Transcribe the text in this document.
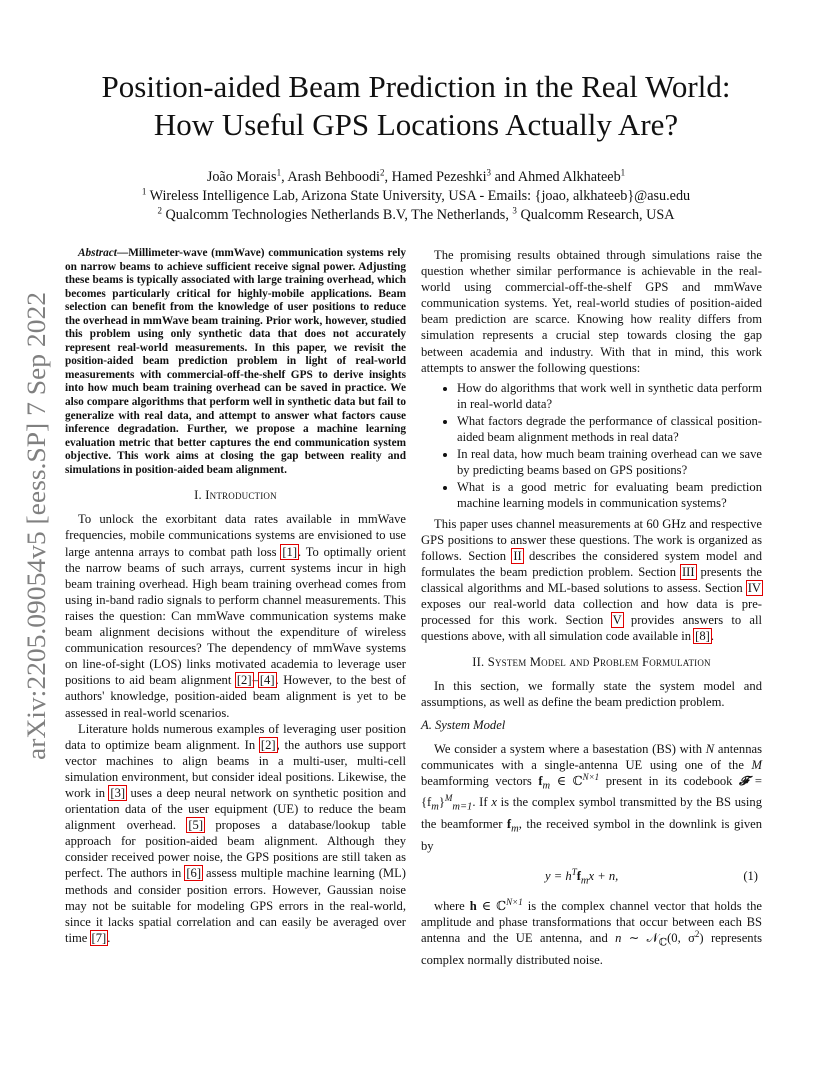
arXiv:2205.09054v5 [eess.SP] 7 Sep 2022
Position-aided Beam Prediction in the Real World:
How Useful GPS Locations Actually Are?
João Morais$^1$, Arash Behboodi$^2$, Hamed Pezeshki$^3$ and Ahmed Alkhateeb$^1$
$^1$ Wireless Intelligence Lab, Arizona State University, USA - Emails: {joao, alkhateeb}@asu.edu
$^2$ Qualcomm Technologies Netherlands B.V, The Netherlands, $^3$ Qualcomm Research, USA

Abstract—Millimeter-wave (mmWave) communication systems rely on narrow beams to achieve sufficient receive signal power. Adjusting these beams is typically associated with large training overhead, which becomes particularly critical for highly-mobile applications. Beam selection can benefit from the knowledge of user positions to reduce the overhead in mmWave beam training. Prior work, however, studied this problem using only synthetic data that does not accurately represent real-world measurements. In this paper, we revisit the position-aided beam prediction problem in light of real-world measurements with commercial-off-the-shelf GPS to derive insights into how much beam training overhead can be saved in practice. We also compare algorithms that perform well in synthetic data but fail to generalize with real data, and attempt to answer what factors cause inference degradation. Further, we propose a machine learning evaluation metric that better captures the end communication system objective. This work aims at closing the gap between reality and simulations in position-aided beam alignment.

I. Introduction

To unlock the exorbitant data rates available in mmWave frequencies, mobile communications systems are envisioned to use large antenna arrays to combat path loss [1]. To optimally orient the narrow beams of such arrays, current systems incur in high beam training overhead. High beam training overhead comes from using in-band radio signals to perform channel measurements. This raises the question: Can mmWave communication systems make beam alignment decisions without the expenditure of wireless communication resources? The dependency of mmWave systems on line-of-sight (LOS) links motivated academia to leverage user positions to aid beam alignment [2]–[4]. However, to the best of authors' knowledge, position-aided beam alignment is yet to be assessed in real-world scenarios.

Literature holds numerous examples of leveraging user position data to optimize beam alignment. In [2], the authors use support vector machines to align beams in a multi-user, multi-cell simulation environment, but consider ideal positions. Likewise, the work in [3] uses a deep neural network on synthetic position and orientation data of the user equipment (UE) to reduce the beam alignment overhead. [5] proposes a database/lookup table approach for position-aided beam alignment. Although they consider received power noise, the GPS positions are still taken as perfect. The authors in [6] assess multiple machine learning (ML) methods and consider position errors. However, Gaussian noise may not be suitable for modeling GPS errors in the real-world, since it lacks spatial correlation and can easily be averaged over time [7].

The promising results obtained through simulations raise the question whether similar performance is achievable in the real-world using commercial-off-the-shelf GPS and mmWave communication systems. Yet, real-world studies of position-aided beam prediction are scarce. Knowing how reality differs from simulation represents a crucial step towards closing the gap between academia and industry. With that in mind, this work attempts to answer the following questions:

• How do algorithms that work well in synthetic data perform in real-world data?
• What factors degrade the performance of classical position-aided beam alignment methods in real data?
• In real data, how much beam training overhead can we save by predicting beams based on GPS positions?
• What is a good metric for evaluating beam prediction machine learning models in communication systems?

This paper uses channel measurements at 60 GHz and respective GPS positions to answer these questions. The work is organized as follows. Section II describes the considered system model and formulates the beam prediction problem. Section III presents the classical algorithms and ML-based solutions to assess. Section IV exposes our real-world data collection and how data is pre-processed for this work. Section V provides answers to all questions above, with all simulation code available in [8].

II. System Model and Problem Formulation

In this section, we formally state the system model and assumptions, as well as define the beam prediction problem.

A. System Model

We consider a system where a basestation (BS) with N antennas communicates with a single-antenna UE using one of the M beamforming vectors $f_m$ ∈ ℂ$^{N\times 1}$ present in its codebook 𝓕 = $\{f_m\}^M_{m=1}$. If x is the complex symbol transmitted by the BS using the beamformer $f_m$, the received symbol in the downlink is given by

$y = h^Tf_mx + n$,	(1)

where h ∈ ℂ$^{N\times 1}$ is the complex channel vector that holds the amplitude and phase transformations that occur between each BS antenna and the UE antenna, and n ∼ 𝒩$_ℂ$(0, $\sigma^2$) represents complex normally distributed noise.
